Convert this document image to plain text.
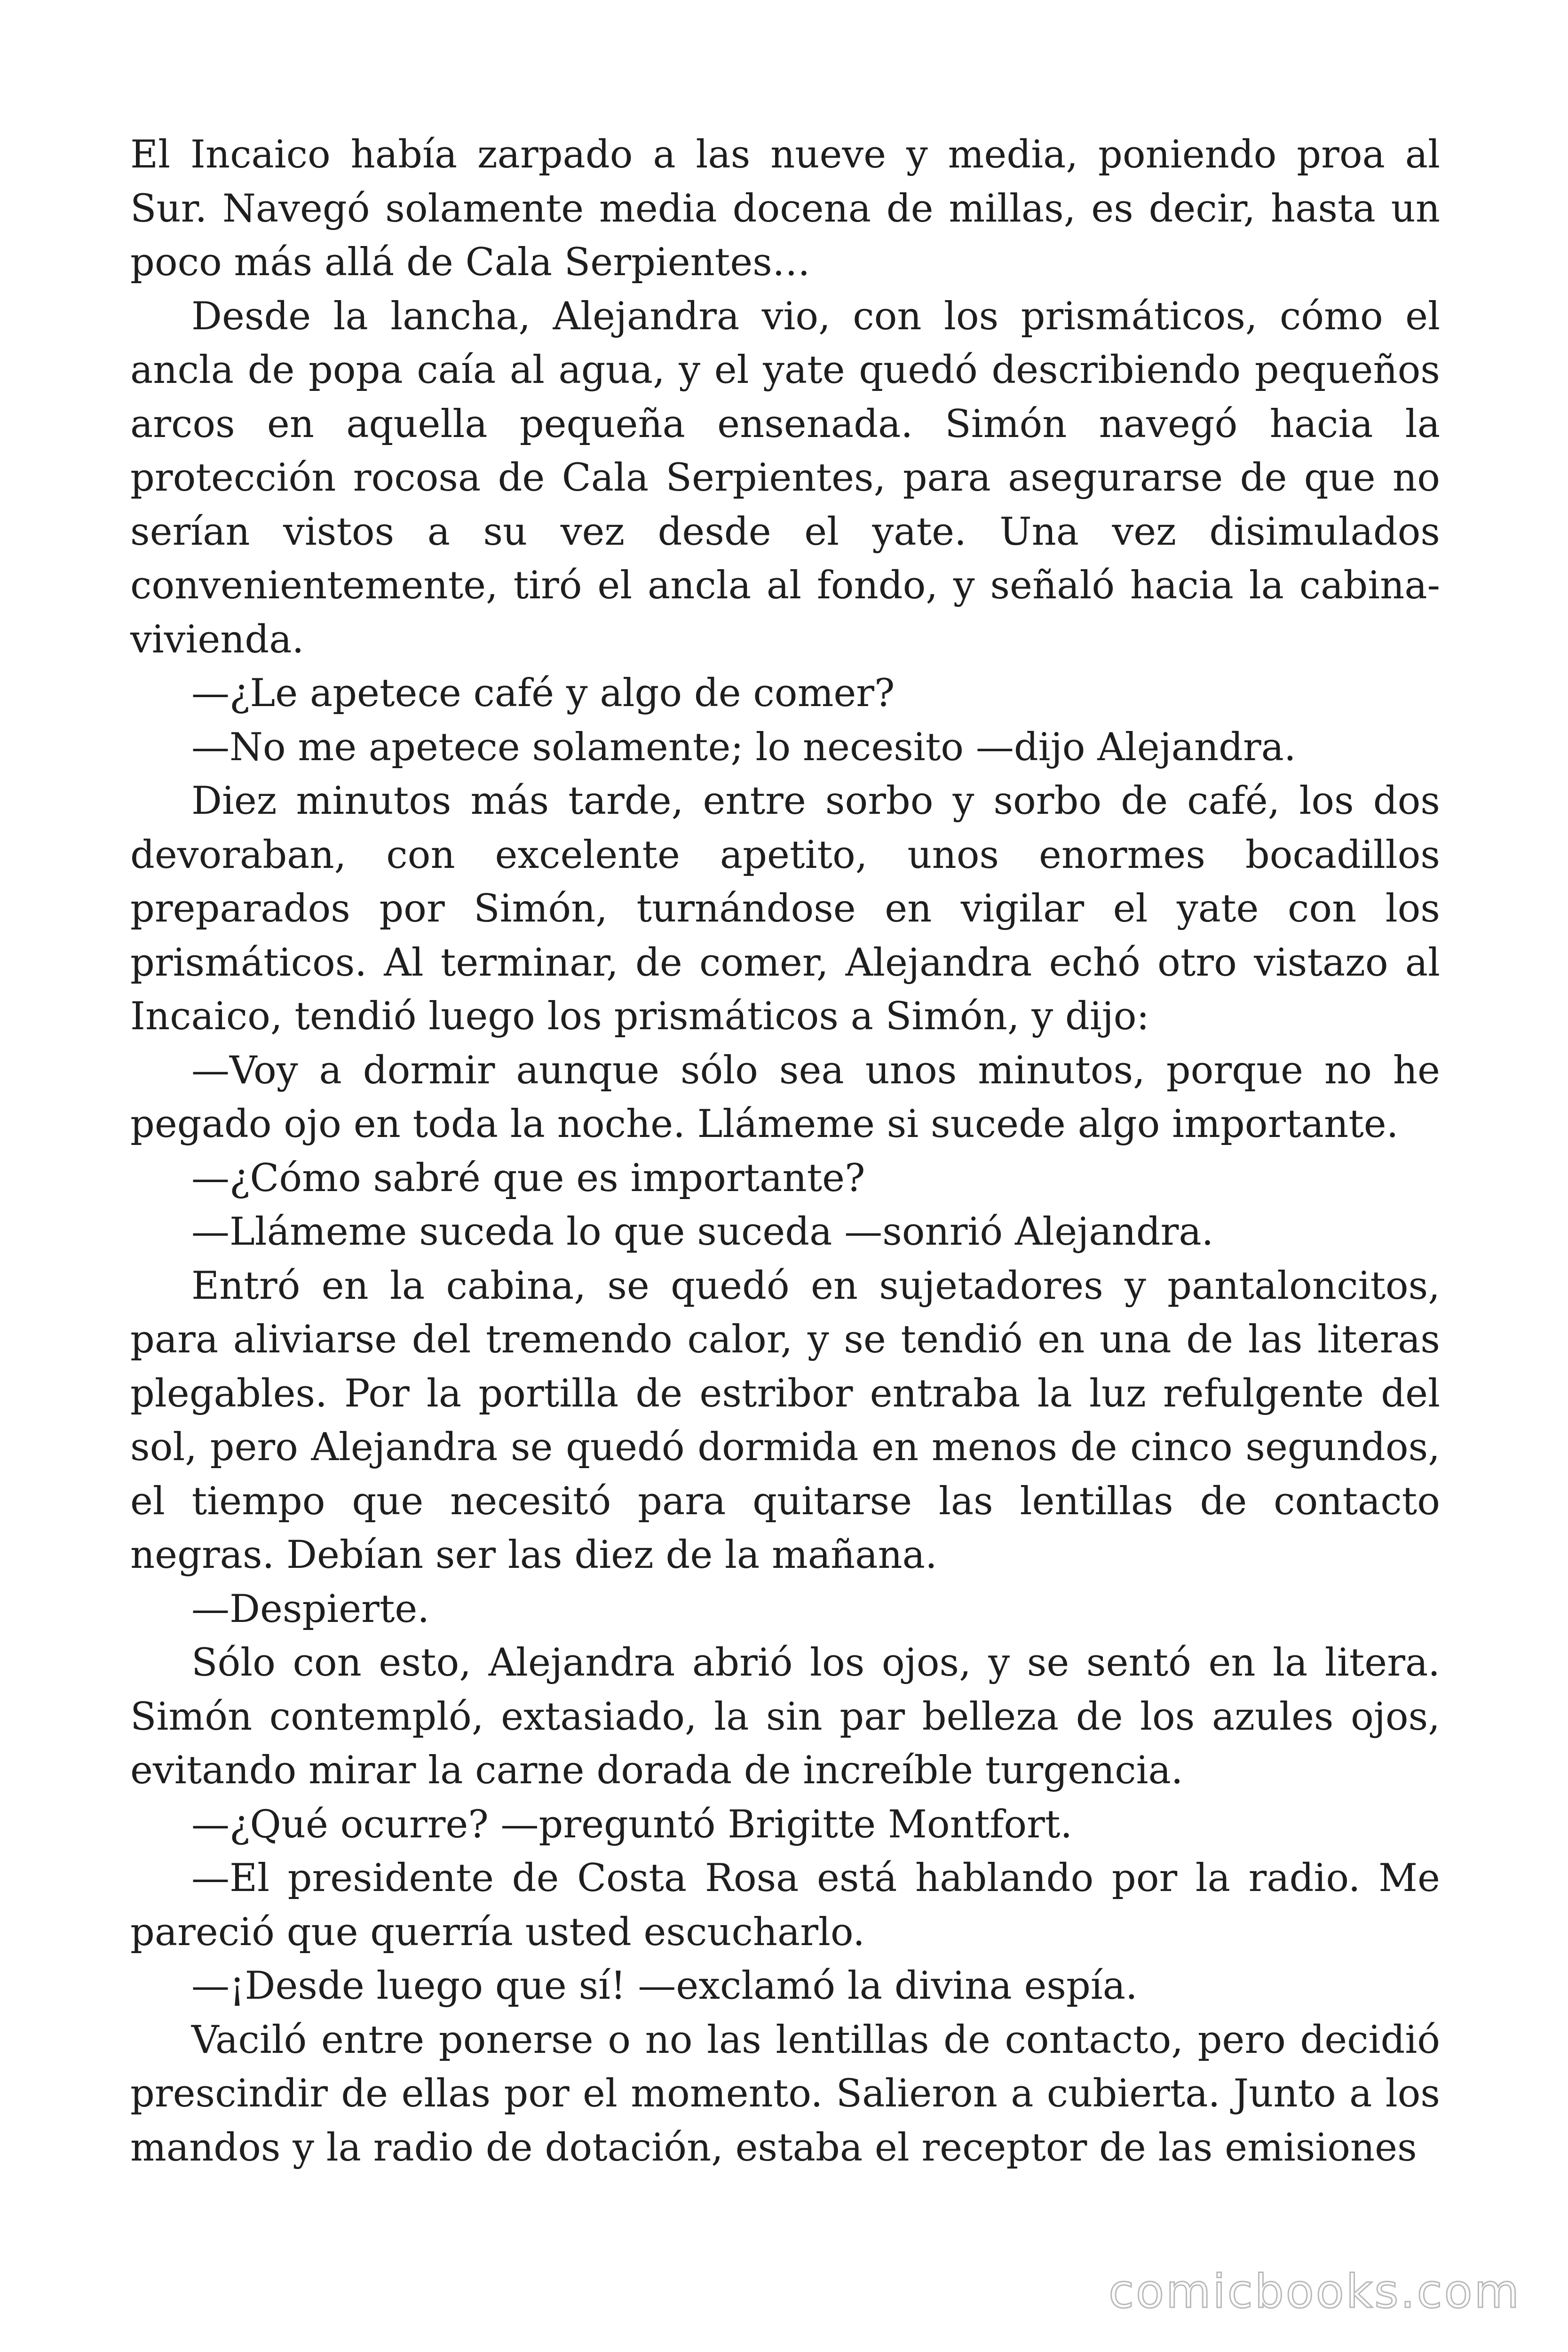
El Incaico había zarpado a las nueve y media, poniendo proa al Sur. Navegó solamente media docena de millas, es decir, hasta un poco más allá de Cala Serpientes…

Desde la lancha, Alejandra vio, con los prismáticos, cómo el ancla de popa caía al agua, y el yate quedó describiendo pequeños arcos en aquella pequeña ensenada. Simón navegó hacia la protección rocosa de Cala Serpientes, para asegurarse de que no serían vistos a su vez desde el yate. Una vez disimulados convenientemente, tiró el ancla al fondo, y señaló hacia la cabina-vivienda.

—¿Le apetece café y algo de comer?

—No me apetece solamente; lo necesito —dijo Alejandra.

Diez minutos más tarde, entre sorbo y sorbo de café, los dos devoraban, con excelente apetito, unos enormes bocadillos preparados por Simón, turnándose en vigilar el yate con los prismáticos. Al terminar, de comer, Alejandra echó otro vistazo al Incaico, tendió luego los prismáticos a Simón, y dijo:

—Voy a dormir aunque sólo sea unos minutos, porque no he pegado ojo en toda la noche. Llámeme si sucede algo importante.

—¿Cómo sabré que es importante?

—Llámeme suceda lo que suceda —sonrió Alejandra.

Entró en la cabina, se quedó en sujetadores y pantaloncitos, para aliviarse del tremendo calor, y se tendió en una de las literas plegables. Por la portilla de estribor entraba la luz refulgente del sol, pero Alejandra se quedó dormida en menos de cinco segundos, el tiempo que necesitó para quitarse las lentillas de contacto negras. Debían ser las diez de la mañana.

—Despierte.

Sólo con esto, Alejandra abrió los ojos, y se sentó en la litera. Simón contempló, extasiado, la sin par belleza de los azules ojos, evitando mirar la carne dorada de increíble turgencia.

—¿Qué ocurre? —preguntó Brigitte Montfort.

—El presidente de Costa Rosa está hablando por la radio. Me pareció que querría usted escucharlo.

—¡Desde luego que sí! —exclamó la divina espía.

Vaciló entre ponerse o no las lentillas de contacto, pero decidió prescindir de ellas por el momento. Salieron a cubierta. Junto a los mandos y la radio de dotación, estaba el receptor de las emisiones

comicbooks.com
